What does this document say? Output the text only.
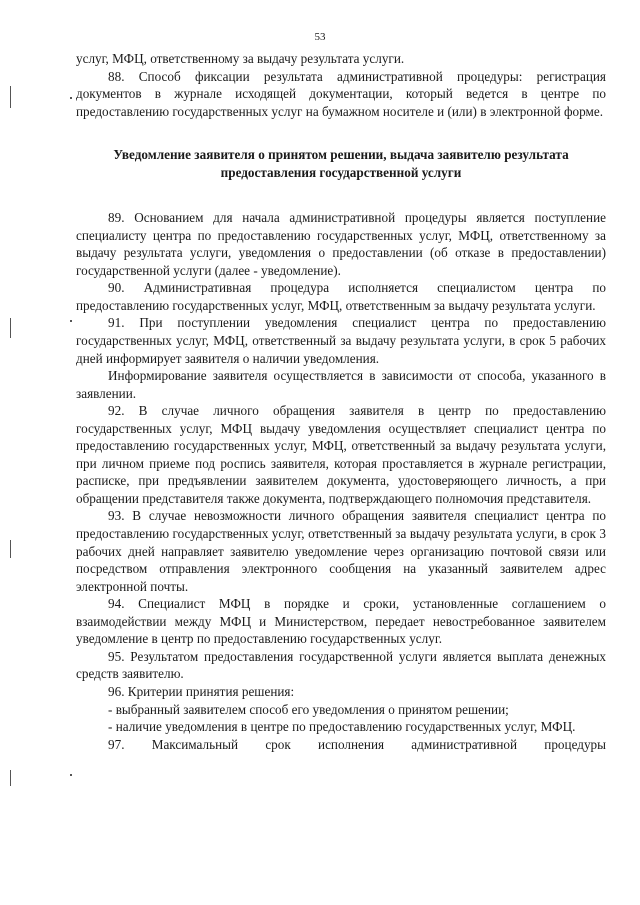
53

услуг, МФЦ, ответственному за выдачу результата услуги.

88. Способ фиксации результата административной процедуры: регистрация документов в журнале исходящей документации, который ведется в центре по предоставлению государственных услуг на бумажном носителе и (или) в электронной форме.

Уведомление заявителя о принятом решении, выдача заявителю результата предоставления государственной услуги

89. Основанием для начала административной процедуры является поступление специалисту центра по предоставлению государственных услуг, МФЦ, ответственному за выдачу результата услуги, уведомления о предоставлении (об отказе в предоставлении) государственной услуги (далее - уведомление).

90. Административная процедура исполняется специалистом центра по предоставлению государственных услуг, МФЦ, ответственным за выдачу результата услуги.

91. При поступлении уведомления специалист центра по предоставлению государственных услуг, МФЦ, ответственный за выдачу результата услуги, в срок 5 рабочих дней информирует заявителя о наличии уведомления.

Информирование заявителя осуществляется в зависимости от способа, указанного в заявлении.

92. В случае личного обращения заявителя в центр по предоставлению государственных услуг, МФЦ выдачу уведомления осуществляет специалист центра по предоставлению государственных услуг, МФЦ, ответственный за выдачу результата услуги, при личном приеме под роспись заявителя, которая проставляется в журнале регистрации, расписке, при предъявлении заявителем документа, удостоверяющего личность, а при обращении представителя также документа, подтверждающего полномочия представителя.

93. В случае невозможности личного обращения заявителя специалист центра по предоставлению государственных услуг, ответственный за выдачу результата услуги, в срок 3 рабочих дней направляет заявителю уведомление через организацию почтовой связи или посредством отправления электронного сообщения на указанный заявителем адрес электронной почты.

94. Специалист МФЦ в порядке и сроки, установленные соглашением о взаимодействии между МФЦ и Министерством, передает невостребованное заявителем уведомление в центр по предоставлению государственных услуг.

95. Результатом предоставления государственной услуги является выплата денежных средств заявителю.

96. Критерии принятия решения:

- выбранный заявителем способ его уведомления о принятом решении;

- наличие уведомления в центре по предоставлению государственных услуг, МФЦ.

97. Максимальный срок исполнения административной процедуры
